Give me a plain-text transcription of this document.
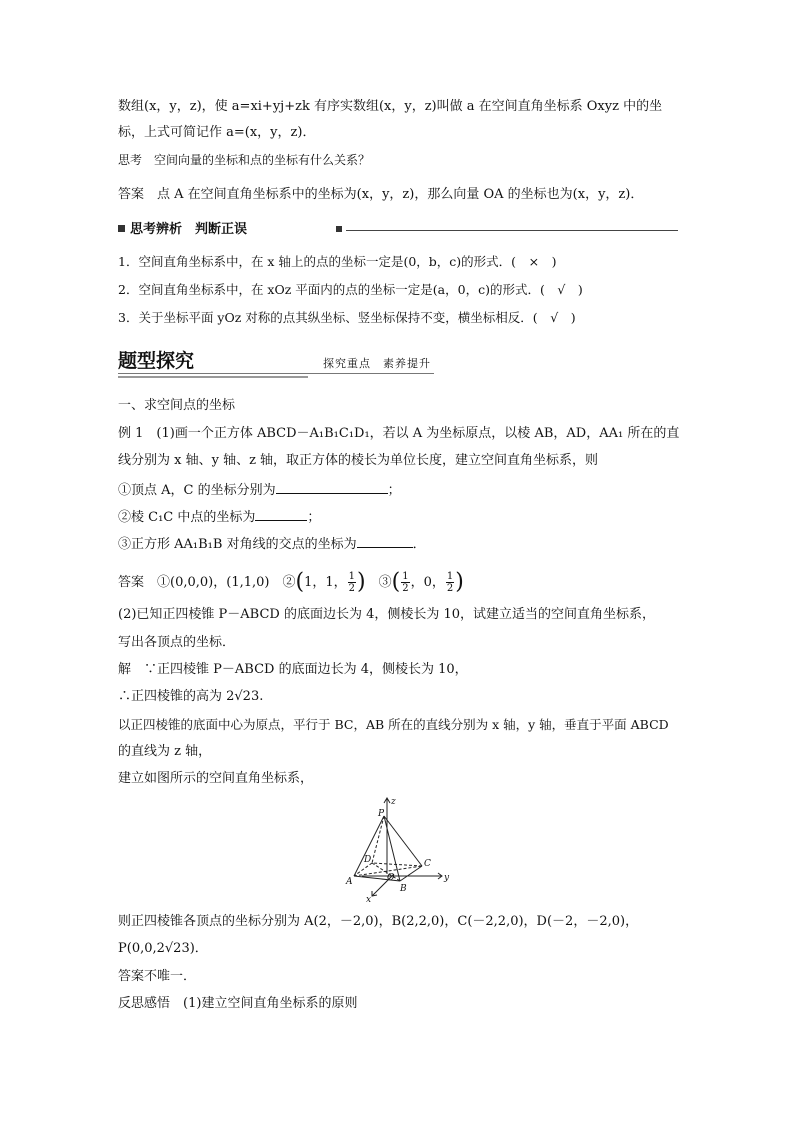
数组(x，y，z)，使 a=xi+yj+zk 有序实数组(x，y，z)叫做 a 在空间直角坐标系 Oxyz 中的坐
标，上式可简记作 a=(x，y，z)．
思考　 空间向量的坐标和点的坐标有什么关系？
答案　 点 A 在空间直角坐标系中的坐标为(x，y，z)，那么向量 OA 的坐标也为(x，y，z)．
思考辨析　判断正误
1．空间直角坐标系中，在 x 轴上的点的坐标一定是(0，b，c)的形式．(　 ×　 )
2．空间直角坐标系中，在 xOz 平面内的点的坐标一定是(a，0，c)的形式．(　 √　 )
3．关于坐标平面 yOz 对称的点其纵坐标、竖坐标保持不变，横坐标相反．(　 √　 )
题型探究	探究重点　素养提升
一、求空间点的坐标
例 1　(1)画一个正方体 ABCD－A₁B₁C₁D₁，若以 A 为坐标原点，以棱 AB，AD，AA₁ 所在的直
线分别为 x 轴、y 轴、z 轴，取正方体的棱长为单位长度，建立空间直角坐标系，则
①顶点 A，C 的坐标分别为	；
②棱 C₁C 中点的坐标为	；
③正方形 AA₁B₁B 对角线的交点的坐标为	．
答案　 ①(0,0,0)，(1,1,0)　②(1，1， $\frac{1}{2}$ )　 ③( $\frac{1}{2}$ ，0， $\frac{1}{2}$ )
(2)已知正四棱锥 P－ABCD 的底面边长为 4，侧棱长为 10，试建立适当的空间直角坐标系，
写出各顶点的坐标．
解　 ∵正四棱锥 P－ABCD 的底面边长为 4，侧棱长为 10，
∴正四棱锥的高为 2√23.
以正四棱锥的底面中心为原点，平行于 BC，AB 所在的直线分别为 x 轴，y 轴，垂直于平面 ABCD
的直线为 z 轴，
建立如图所示的空间直角坐标系，
z
P
D	C
O
A
B
y
x
则正四棱锥各顶点的坐标分别为 A(2，－2,0)，B(2,2,0)，C(－2,2,0)，D(－2，－2,0)，
P(0,0,2√23)．
答案不唯一．
反思感悟　 (1)建立空间直角坐标系的原则
